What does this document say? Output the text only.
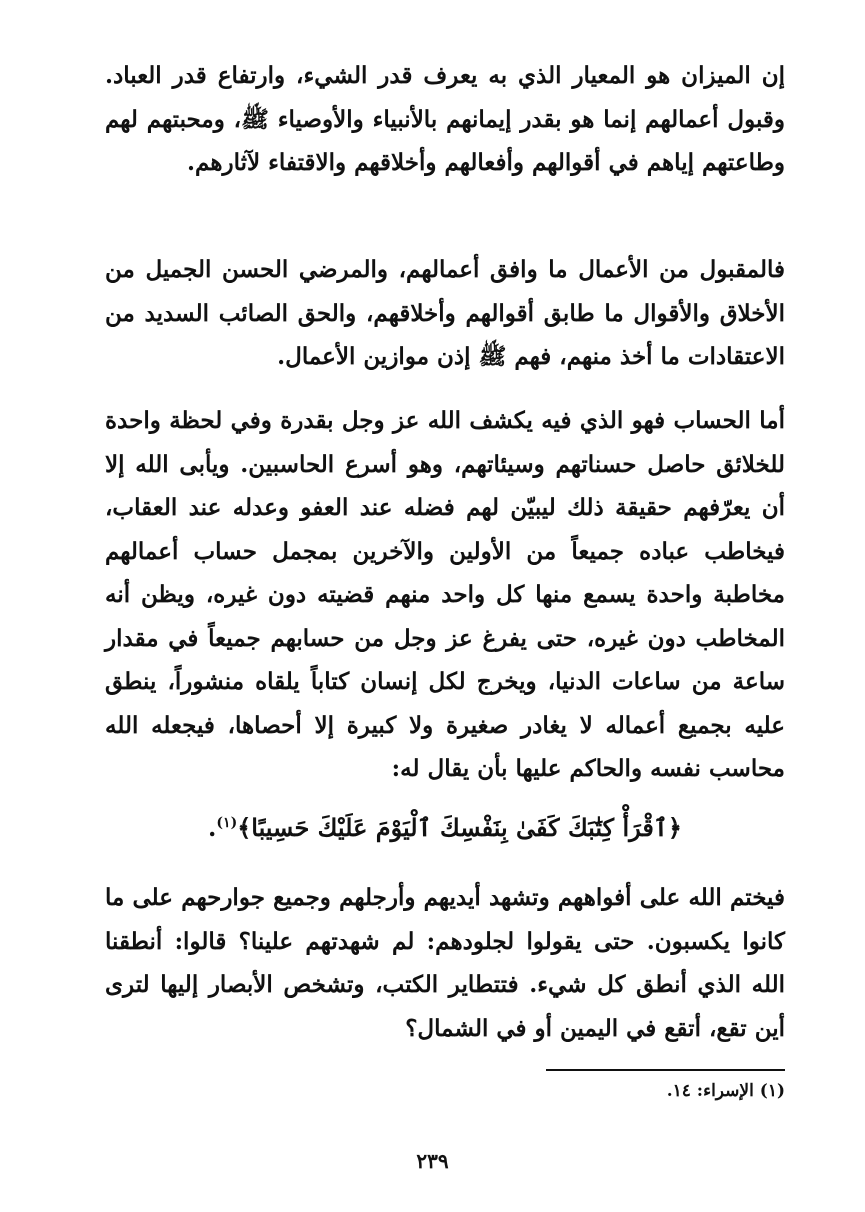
إن الميزان هو المعيار الذي به يعرف قدر الشيء، وارتفاع قدر العباد. وقبول أعمالهم إنما هو بقدر إيمانهم بالأنبياء والأوصياء ﷺ، ومحبتهم لهم وطاعتهم إياهم في أقوالهم وأفعالهم وأخلاقهم والاقتفاء لآثارهم.

فالمقبول من الأعمال ما وافق أعمالهم، والمرضي الحسن الجميل من الأخلاق والأقوال ما طابق أقوالهم وأخلاقهم، والحق الصائب السديد من الاعتقادات ما أخذ منهم، فهم ﷺ إذن موازين الأعمال.

أما الحساب فهو الذي فيه يكشف الله عز وجل بقدرة وفي لحظة واحدة للخلائق حاصل حسناتهم وسيئاتهم، وهو أسرع الحاسبين. ويأبى الله إلا أن يعرّفهم حقيقة ذلك ليبيّن لهم فضله عند العفو وعدله عند العقاب، فيخاطب عباده جميعاً من الأولين والآخرين بمجمل حساب أعمالهم مخاطبة واحدة يسمع منها كل واحد منهم قضيته دون غيره، ويظن أنه المخاطب دون غيره، حتى يفرغ عز وجل من حسابهم جميعاً في مقدار ساعة من ساعات الدنيا، ويخرج لكل إنسان كتاباً يلقاه منشوراً، ينطق عليه بجميع أعماله لا يغادر صغيرة ولا كبيرة إلا أحصاها، فيجعله الله محاسب نفسه والحاكم عليها بأن يقال له:

﴿ٱقْرَأْ كِتَٰبَكَ كَفَىٰ بِنَفْسِكَ ٱلْيَوْمَ عَلَيْكَ حَسِيبًا﴾$^{(١)}$.

فيختم الله على أفواههم وتشهد أيديهم وأرجلهم وجميع جوارحهم على ما كانوا يكسبون. حتى يقولوا لجلودهم: لم شهدتهم علينا؟ قالوا: أنطقنا الله الذي أنطق كل شيء. فتتطاير الكتب، وتشخص الأبصار إليها لترى أين تقع، أتقع في اليمين أو في الشمال؟

(١) الإسراء: ١٤.
٢٣٩
